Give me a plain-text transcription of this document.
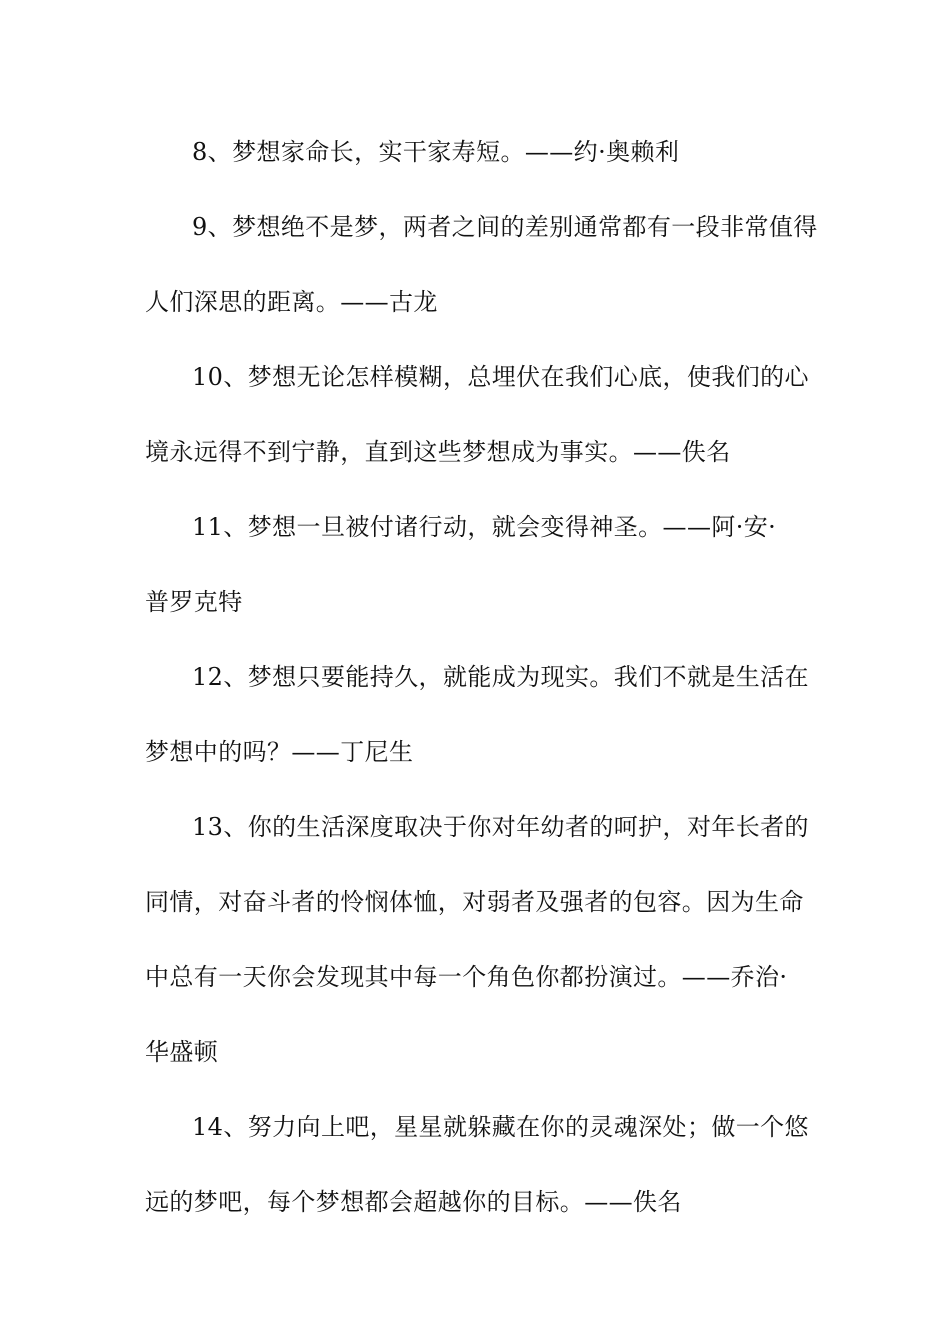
8、梦想家命长，实干家寿短。——约·奥赖利
9、梦想绝不是梦，两者之间的差别通常都有一段非常值得
人们深思的距离。——古龙
10、梦想无论怎样模糊，总埋伏在我们心底，使我们的心
境永远得不到宁静，直到这些梦想成为事实。——佚名
11、梦想一旦被付诸行动，就会变得神圣。——阿·安·
普罗克特
12、梦想只要能持久，就能成为现实。我们不就是生活在
梦想中的吗？——丁尼生
13、你的生活深度取决于你对年幼者的呵护，对年长者的
同情，对奋斗者的怜悯体恤，对弱者及强者的包容。因为生命
中总有一天你会发现其中每一个角色你都扮演过。——乔治·
华盛顿
14、努力向上吧，星星就躲藏在你的灵魂深处；做一个悠
远的梦吧，每个梦想都会超越你的目标。——佚名
